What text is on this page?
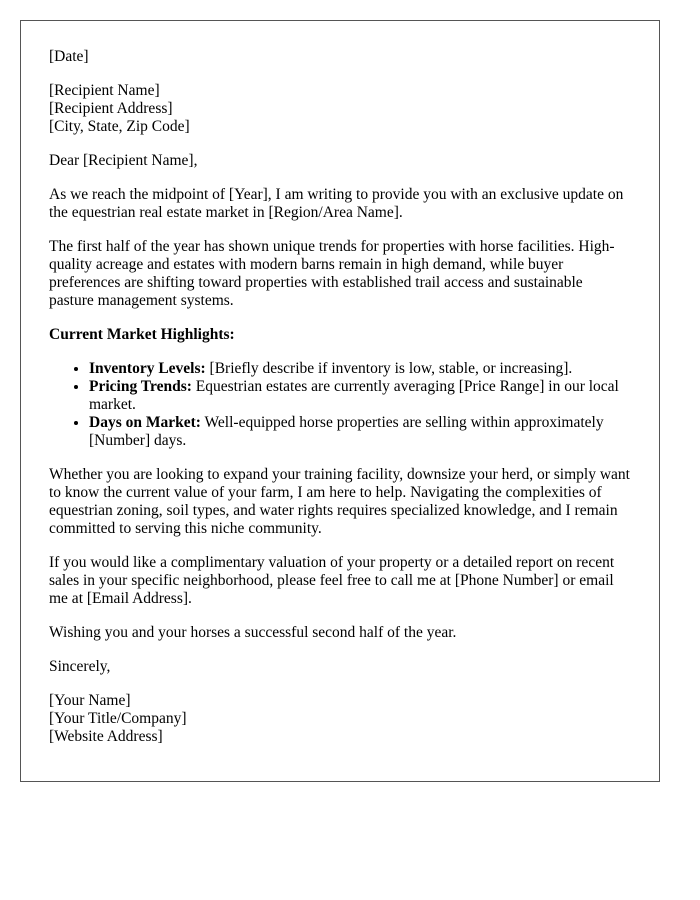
[Date]

[Recipient Name]
[Recipient Address]
[City, State, Zip Code]

Dear [Recipient Name],

As we reach the midpoint of [Year], I am writing to provide you with an exclusive update on the equestrian real estate market in [Region/Area Name].

The first half of the year has shown unique trends for properties with horse facilities. High-quality acreage and estates with modern barns remain in high demand, while buyer preferences are shifting toward properties with established trail access and sustainable pasture management systems.

Current Market Highlights:

• Inventory Levels: [Briefly describe if inventory is low, stable, or increasing].
• Pricing Trends: Equestrian estates are currently averaging [Price Range] in our local market.
• Days on Market: Well-equipped horse properties are selling within approximately [Number] days.

Whether you are looking to expand your training facility, downsize your herd, or simply want to know the current value of your farm, I am here to help. Navigating the complexities of equestrian zoning, soil types, and water rights requires specialized knowledge, and I remain committed to serving this niche community.

If you would like a complimentary valuation of your property or a detailed report on recent sales in your specific neighborhood, please feel free to call me at [Phone Number] or email me at [Email Address].

Wishing you and your horses a successful second half of the year.

Sincerely,

[Your Name]
[Your Title/Company]
[Website Address]
